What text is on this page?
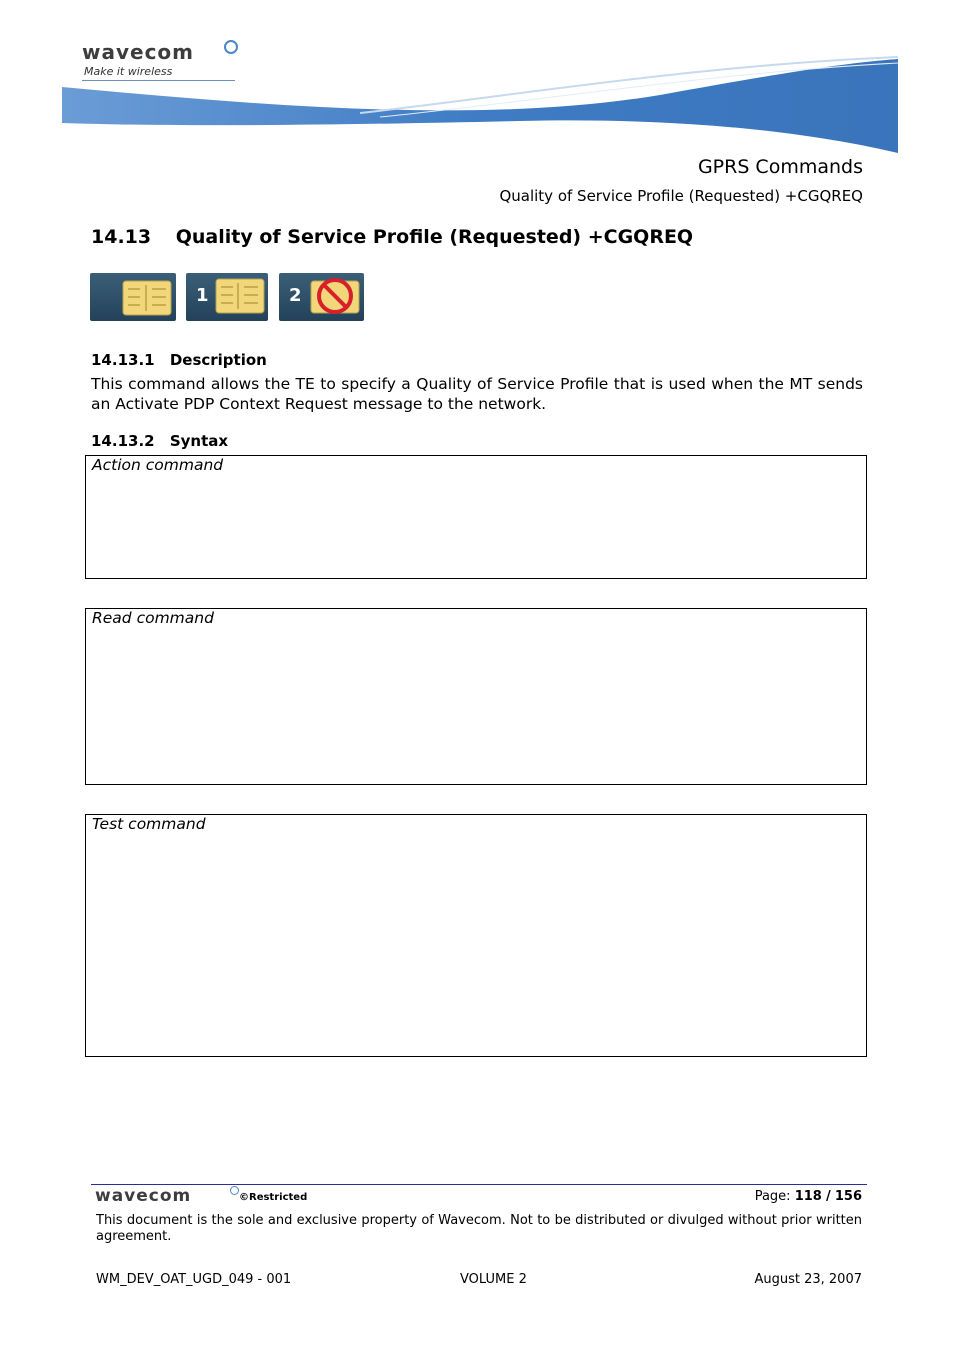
wavecom
Make it wireless
GPRS Commands
Quality of Service Profile (Requested) +CGQREQ
14.13 Quality of Service Profile (Requested) +CGQREQ
1	2
14.13.1 Description
This command allows the TE to specify a Quality of Service Profile that is used when the MT sends an Activate PDP Context Request message to the network.
14.13.2 Syntax
Action command
Read command
Test command
wavecom	©Restricted	Page: 118 / 156
This document is the sole and exclusive property of Wavecom. Not to be distributed or divulged without prior written agreement.
WM_DEV_OAT_UGD_049 - 001	VOLUME 2	August 23, 2007
